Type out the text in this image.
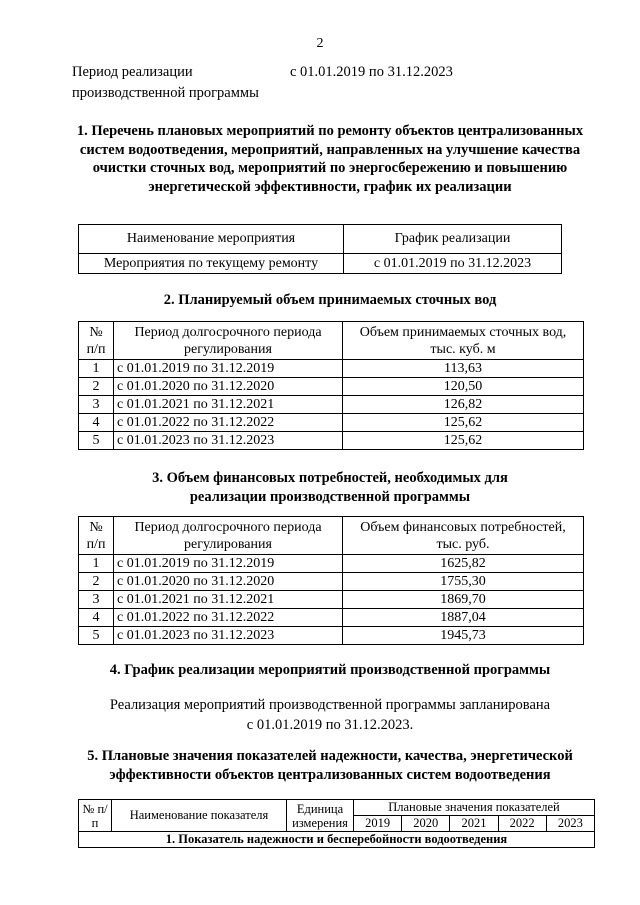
2
Период реализации
производственной программы
с 01.01.2019 по 31.12.2023
1. Перечень плановых мероприятий по ремонту объектов централизованных систем водоотведения, мероприятий, направленных на улучшение качества очистки сточных вод, мероприятий по энергосбережению и повышению энергетической эффективности, график их реализации
Наименование мероприятия	График реализации
Мероприятия по текущему ремонту	с 01.01.2019 по 31.12.2023
2. Планируемый объем принимаемых сточных вод
№ п/п	Период долгосрочного периода регулирования	Объем принимаемых сточных вод, тыс. куб. м
1	с 01.01.2019 по 31.12.2019	113,63
2	с 01.01.2020 по 31.12.2020	120,50
3	с 01.01.2021 по 31.12.2021	126,82
4	с 01.01.2022 по 31.12.2022	125,62
5	с 01.01.2023 по 31.12.2023	125,62
3. Объем финансовых потребностей, необходимых для
реализации производственной программы
№ п/п	Период долгосрочного периода регулирования	Объем финансовых потребностей, тыс. руб.
1	с 01.01.2019 по 31.12.2019	1625,82
2	с 01.01.2020 по 31.12.2020	1755,30
3	с 01.01.2021 по 31.12.2021	1869,70
4	с 01.01.2022 по 31.12.2022	1887,04
5	с 01.01.2023 по 31.12.2023	1945,73
4. График реализации мероприятий производственной программы
Реализация мероприятий производственной программы запланирована
с 01.01.2019 по 31.12.2023.
5. Плановые значения показателей надежности, качества, энергетической
эффективности объектов централизованных систем водоотведения
№ п/п	Наименование показателя	Единица измерения	Плановые значения показателей				
			2019	2020	2021	2022	2023
1. Показатель надежности и бесперебойности водоотведения							
